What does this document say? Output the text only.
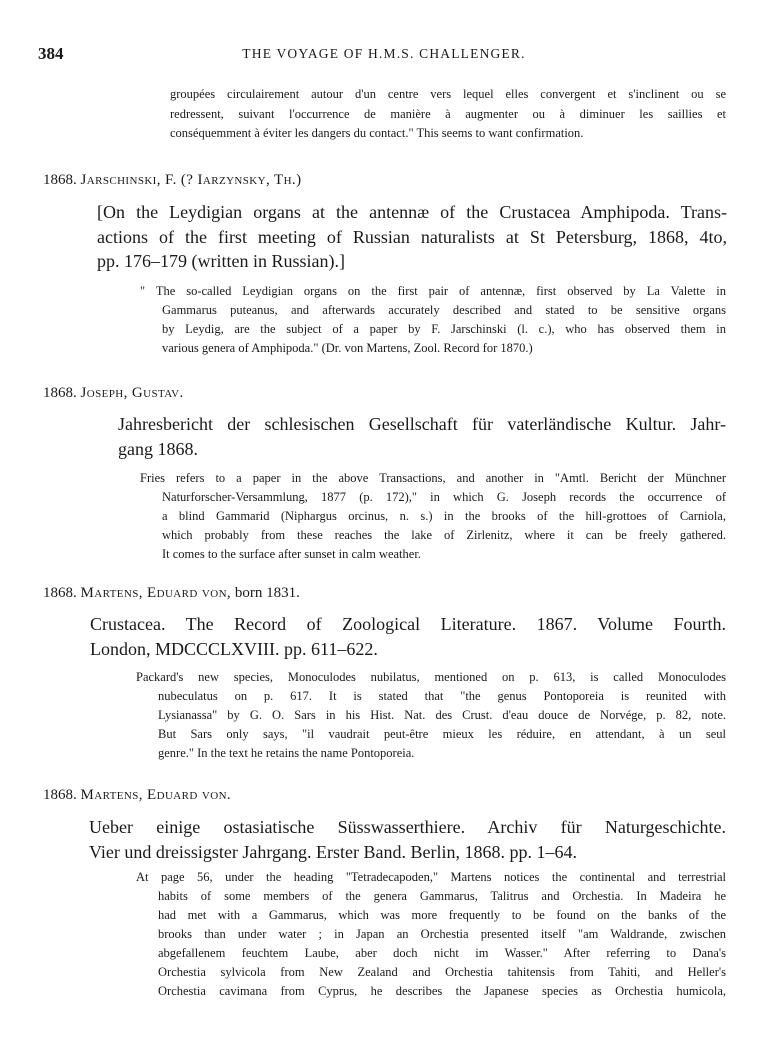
384	THE VOYAGE OF H.M.S. CHALLENGER.
groupées circulairement autour d'un centre vers lequel elles convergent et s'inclinent ou se
redressent, suivant l'occurrence de manière à augmenter ou à diminuer les saillies et
conséquemment à éviter les dangers du contact." This seems to want confirmation.
1868. Jarschinski, F. (? Iarzynsky, Th.)
[On the Leydigian organs at the antennæ of the Crustacea Amphipoda. Trans-
actions of the first meeting of Russian naturalists at St Petersburg, 1868, 4to,
pp. 176–179 (written in Russian).]
" The so-called Leydigian organs on the first pair of antennæ, first observed by La Valette in
Gammarus puteanus, and afterwards accurately described and stated to be sensitive organs
by Leydig, are the subject of a paper by F. Jarschinski (l. c.), who has observed them in
various genera of Amphipoda." (Dr. von Martens, Zool. Record for 1870.)
1868. Joseph, Gustav.
Jahresbericht der schlesischen Gesellschaft für vaterländische Kultur. Jahr-
gang 1868.
Fries refers to a paper in the above Transactions, and another in "Amtl. Bericht der Münchner
Naturforscher-Versammlung, 1877 (p. 172)," in which G. Joseph records the occurrence of
a blind Gammarid (Niphargus orcinus, n. s.) in the brooks of the hill-grottoes of Carniola,
which probably from these reaches the lake of Zirlenitz, where it can be freely gathered.
It comes to the surface after sunset in calm weather.
1868. Martens, Eduard von, born 1831.
Crustacea. The Record of Zoological Literature. 1867. Volume Fourth.
London, MDCCCLXVIII. pp. 611–622.
Packard's new species, Monoculodes nubilatus, mentioned on p. 613, is called Monoculodes
nubeculatus on p. 617. It is stated that "the genus Pontoporeia is reunited with
Lysianassa" by G. O. Sars in his Hist. Nat. des Crust. d'eau douce de Norvége, p. 82, note.
But Sars only says, "il vaudrait peut-être mieux les réduire, en attendant, à un seul
genre." In the text he retains the name Pontoporeia.
1868. Martens, Eduard von.
Ueber einige ostasiatische Süsswasserthiere. Archiv für Naturgeschichte.
Vier und dreissigster Jahrgang. Erster Band. Berlin, 1868. pp. 1–64.
At page 56, under the heading "Tetradecapoden," Martens notices the continental and terrestrial
habits of some members of the genera Gammarus, Talitrus and Orchestia. In Madeira he
had met with a Gammarus, which was more frequently to be found on the banks of the
brooks than under water ; in Japan an Orchestia presented itself "am Waldrande, zwischen
abgefallenem feuchtem Laube, aber doch nicht im Wasser." After referring to Dana's
Orchestia sylvicola from New Zealand and Orchestia tahitensis from Tahiti, and Heller's
Orchestia cavimana from Cyprus, he describes the Japanese species as Orchestia humicola,
